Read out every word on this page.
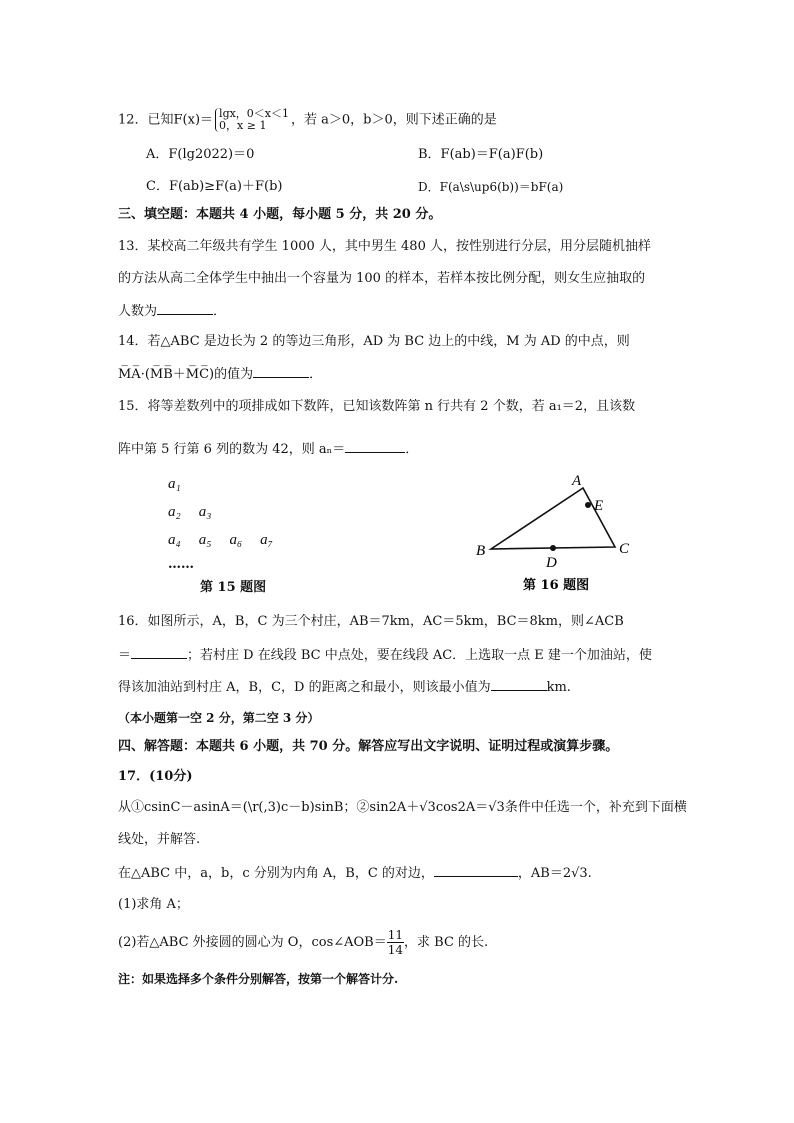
12．已知F(x)＝ lgx，0＜x＜1
0，x ≥ 1	，若 a＞0，b＞0，则下述正确的是
A．F(lg2022)＝0	B．F(ab)＝F(a)F(b)
C．F(ab)≥F(a)＋F(b)	D．F(a\s\up6(b))＝bF(a)
三、填空题：本题共 4 小题，每小题 5 分，共 20 分。
13．某校高二年级共有学生 1000 人，其中男生 480 人，按性别进行分层，用分层随机抽样
的方法从高二全体学生中抽出一个容量为 100 的样本，若样本按比例分配，则女生应抽取的
人数为	．
14．若△ABC 是边长为 2 的等边三角形，AD 为 BC 边上的中线，M 为 AD 的中点，则
M̅A̅·(M̅B̅＋M̅C̅)的值为	．
15．将等差数列中的项排成如下数阵，已知该数阵第 n 行共有 2 个数，若 a₁＝2，且该数
阵中第 5 行第 6 列的数为 42，则 aₙ＝	．
a₁
a₂ a₃
a₄ a₅ a₆ a₇
……
第 15 题图
A
B	C
D
E
第 16 题图
16．如图所示，A，B，C 为三个村庄，AB＝7km，AC＝5km，BC＝8km，则∠ACB
＝	；若村庄 D 在线段 BC 中点处，要在线段 AC．上选取一点 E 建一个加油站，使
得该加油站到村庄 A，B，C，D 的距离之和最小，则该最小值为	km.
（本小题第一空 2 分，第二空 3 分）
四、解答题：本题共 6 小题，共 70 分。解答应写出文字说明、证明过程或演算步骤。
17．(10分)
从①csinC－asinA＝(\r(,3)c－b)sinB；②sin2A＋√3cos2A＝√3条件中任选一个，补充到下面横
线处，并解答.
在△ABC 中，a，b，c 分别为内角 A，B，C 的对边，	，AB＝2√3.
(1)求角 A；
(2)若△ABC 外接圆的圆心为 O，cos∠AOB＝ $\frac{11}{14}$ ，求 BC 的长.
注：如果选择多个条件分别解答，按第一个解答计分.
